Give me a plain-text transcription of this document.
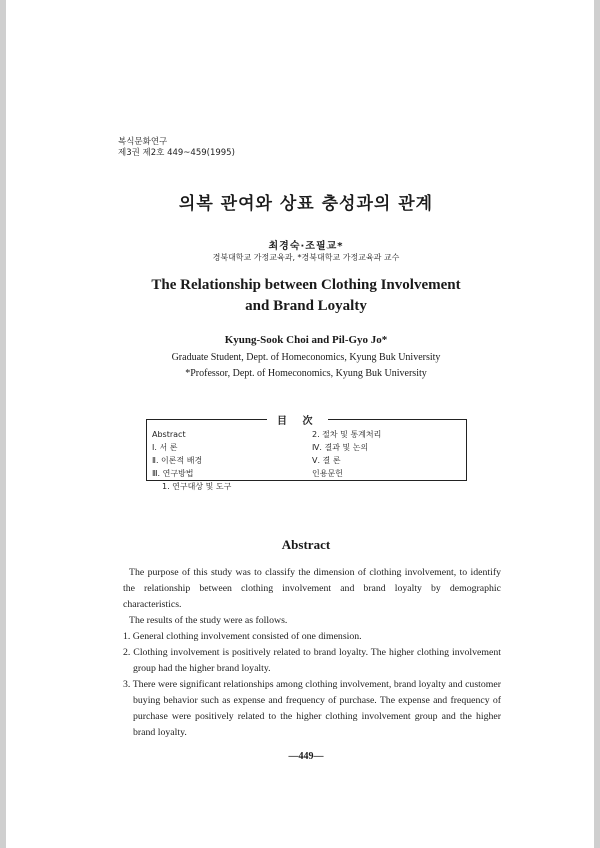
복식문화연구
제3권 제2호 449~459(1995)
의복 관여와 상표 충성과의 관계
최경숙·조필교*
경북대학교 가정교육과, *경북대학교 가정교육과 교수
The Relationship between Clothing Involvement
and Brand Loyalty
Kyung-Sook Choi and Pil-Gyo Jo*
Graduate Student, Dept. of Homeconomics, Kyung Buk University
*Professor, Dept. of Homeconomics, Kyung Buk University
目 次
Abstract
Ⅰ. 서 론
Ⅱ. 이론적 배경
Ⅲ. 연구방법
1. 연구대상 및 도구
2. 절차 및 통계처리
Ⅳ. 결과 및 논의
Ⅴ. 결 론
인용문헌
Abstract

The purpose of this study was to classify the dimension of clothing involvement, to identify the relationship between clothing involvement and brand loyalty by demographic characteristics.

The results of the study were as follows.

1. General clothing involvement consisted of one dimension.

2. Clothing involvement is positively related to brand loyalty. The higher clothing involvement group had the higher brand loyalty.

3. There were significant relationships among clothing involvement, brand loyalty and customer buying behavior such as expense and frequency of purchase. The expense and frequency of purchase were positively related to the higher clothing involvement group and the higher brand loyalty.

—449—
